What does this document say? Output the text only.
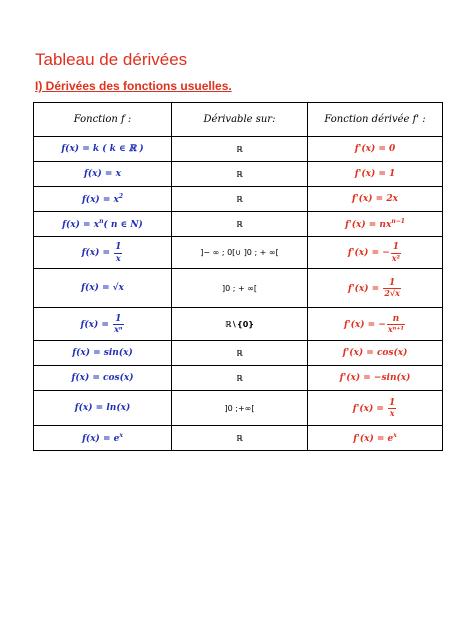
Tableau de dérivées
I) Dérivées des fonctions usuelles.
Fonction f :	Dérivable sur:	Fonction dérivée f' :
f(x) = k ( k ∈ ℝ )	ℝ	f'(x) = 0
f(x) = x	ℝ	f'(x) = 1
$f(x) = x^2$	ℝ	f'(x) = 2x
$f(x) = x^n$( n ∈ N)	ℝ	$f'(x) = nx^{n-1}$
$f(x) = \frac{1}{x}$	]− ∞ ; 0[∪ ]0 ; + ∞[	f'(x) = − $\frac{1}{\text{x²}}$

f(x) = √x	]0 ; + ∞[	$f'(x) = \frac{1}{2√x}$

$f(x) = \frac{1}{\text{xⁿ}}$	ℝ∖{0}	f'(x) = − $\frac{n}{\text{xⁿ⁺¹}}$

f(x) = sin(x)	ℝ	f'(x) = cos(x)
f(x) = cos(x)	ℝ	f'(x) = −sin(x)
f(x) = ln(x)	]0 ;+∞[	$f'(x) = \frac{1}{x}$

$f(x) = e^x$	ℝ	$f'(x) = e^x$
